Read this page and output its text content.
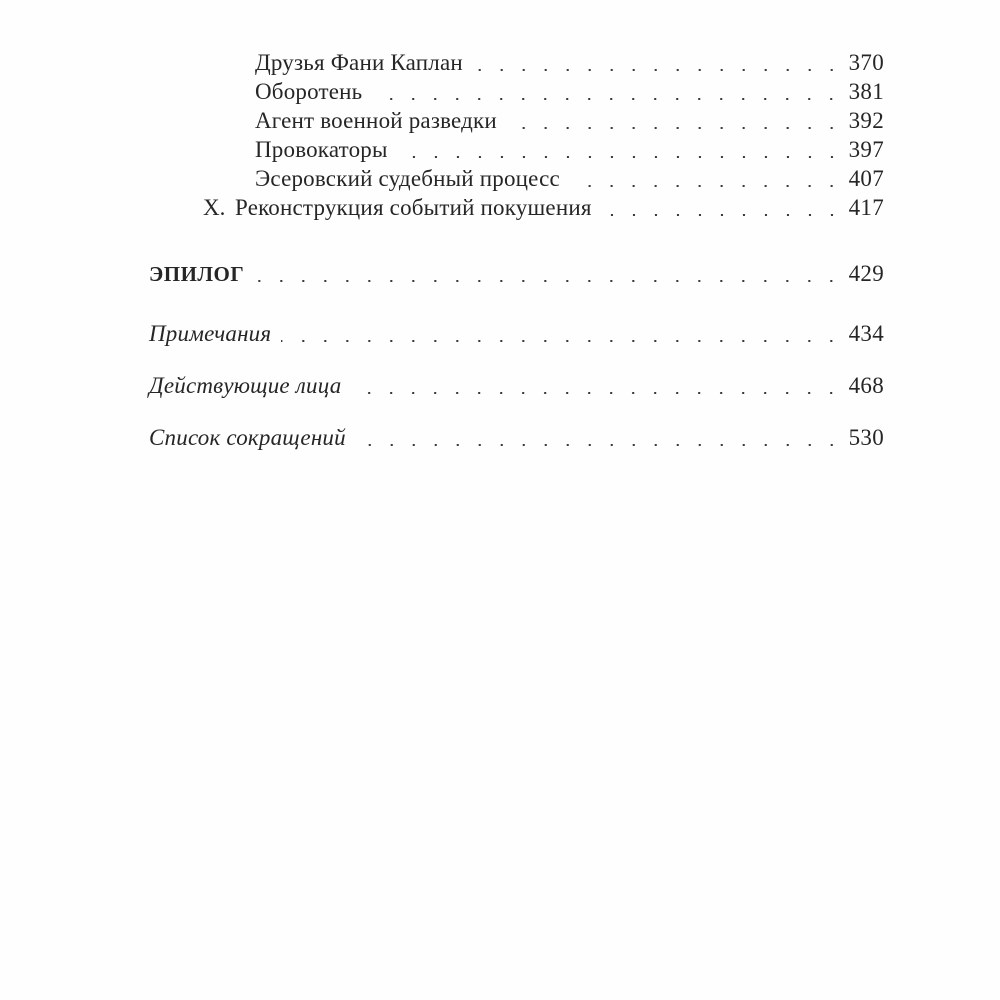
Друзья Фани Каплан	370
Оборотень	381
Агент военной разведки	392
Провокаторы	397
Эсеровский судебный процесс	407
X. Реконструкция событий покушения	417
ЭПИЛОГ	429
Примечания	434
Действующие лица	468
Список сокращений	530
